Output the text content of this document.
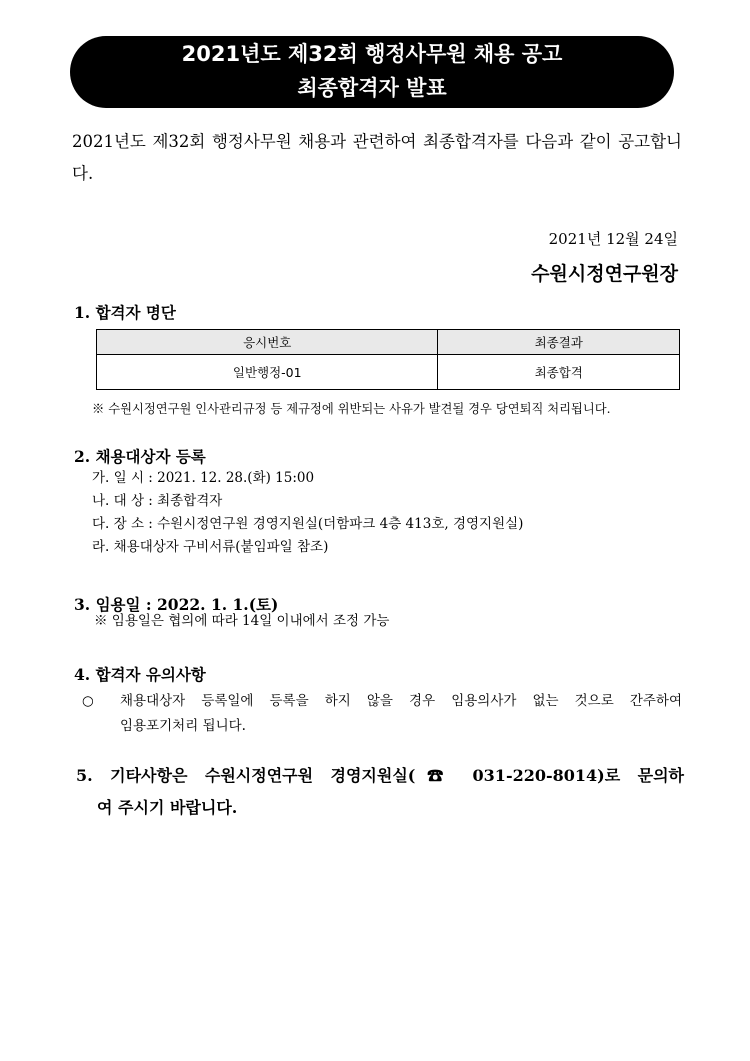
2021년도 제32회 행정사무원 채용 공고
최종합격자 발표
2021년도 제32회 행정사무원 채용과 관련하여 최종합격자를 다음과 같이 공고합니다.
2021년 12월 24일
수원시정연구원장
1. 합격자 명단
응시번호	최종결과
일반행정-01	최종합격
※ 수원시정연구원 인사관리규정 등 제규정에 위반되는 사유가 발견될 경우 당연퇴직 처리됩니다.
2. 채용대상자 등록
가. 일 시 : 2021. 12. 28.(화) 15:00
나. 대 상 : 최종합격자
다. 장 소 : 수원시정연구원 경영지원실(더함파크 4층 413호, 경영지원실)
라. 채용대상자 구비서류(붙임파일 참조)
3. 임용일 : 2022. 1. 1.(토)
※ 임용일은 협의에 따라 14일 이내에서 조정 가능
4. 합격자 유의사항
○ 채용대상자 등록일에 등록을 하지 않을 경우 임용의사가 없는 것으로 간주하여
임용포기처리 됩니다.
5. 기타사항은 수원시정연구원 경영지원실(☎ 031-220-8014)로 문의하
여 주시기 바랍니다.
